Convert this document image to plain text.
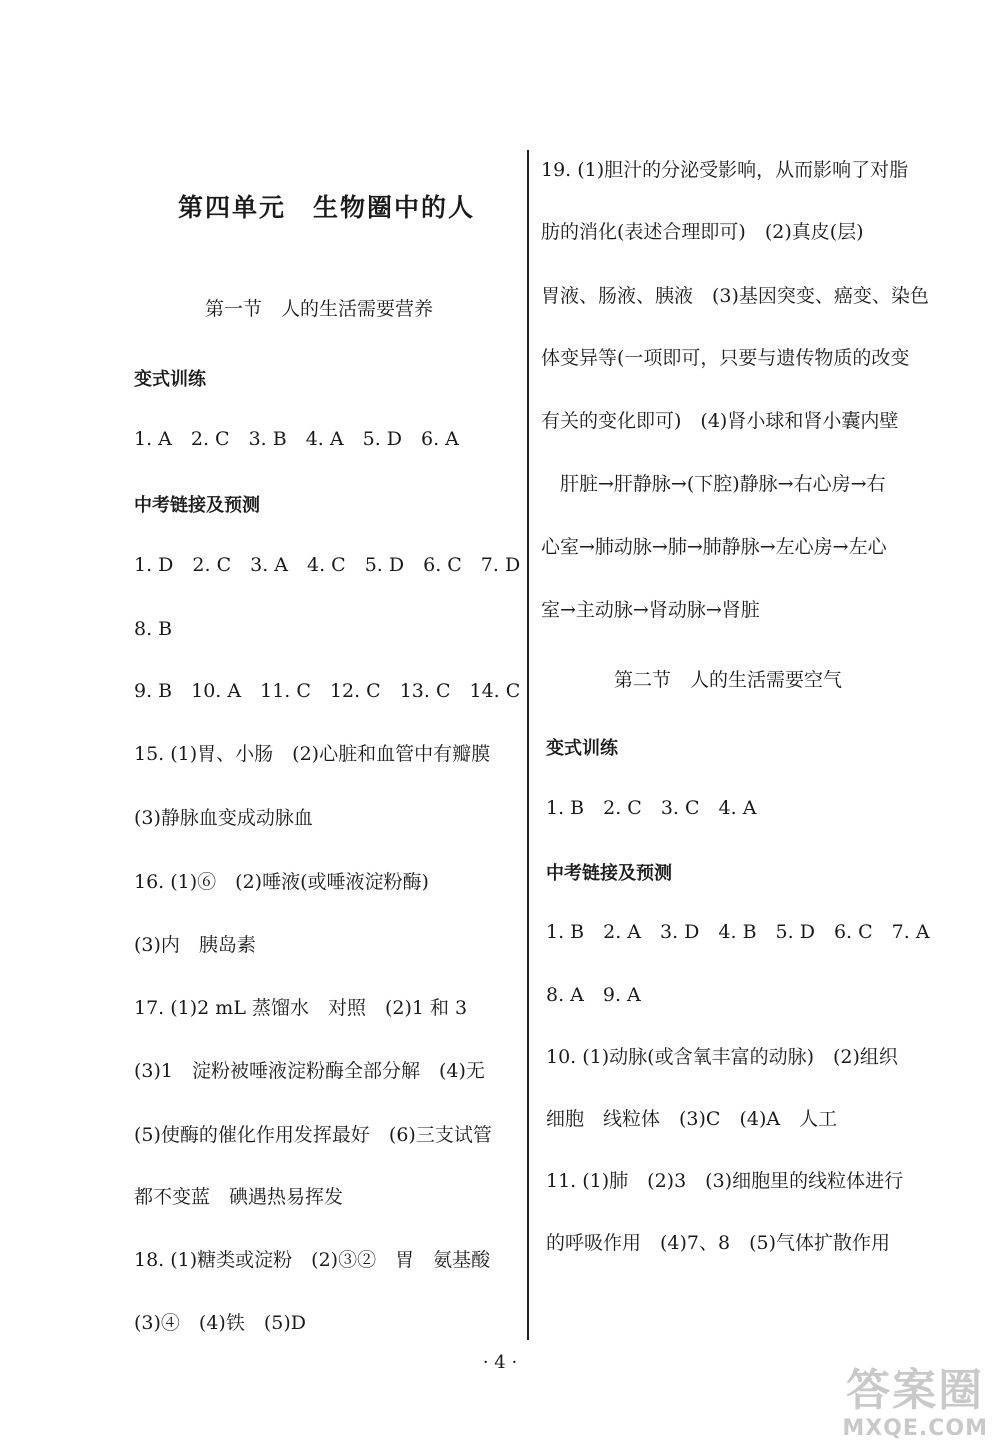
第四单元　生物圈中的人
第一节　人的生活需要营养
变式训练
1. A　2. C　3. B　4. A　5. D　6. A
中考链接及预测
1. D　2. C　3. A　4. C　5. D　6. C　7. D
8. B
9. B　10. A　11. C　12. C　13. C　14. C
15. (1)胃、小肠　(2)心脏和血管中有瓣膜
(3)静脉血变成动脉血
16. (1)⑥　(2)唾液(或唾液淀粉酶)
(3)内　胰岛素
17. (1)2 mL 蒸馏水　对照　(2)1 和 3
(3)1　淀粉被唾液淀粉酶全部分解　(4)无
(5)使酶的催化作用发挥最好　(6)三支试管
都不变蓝　碘遇热易挥发
18. (1)糖类或淀粉　(2)③②　胃　氨基酸
(3)④　(4)铁　(5)D
19. (1)胆汁的分泌受影响，从而影响了对脂
肪的消化(表述合理即可)　(2)真皮(层)
胃液、肠液、胰液　(3)基因突变、癌变、染色
体变异等(一项即可，只要与遗传物质的改变
有关的变化即可)　(4)肾小球和肾小囊内壁
肝脏→肝静脉→(下腔)静脉→右心房→右
心室→肺动脉→肺→肺静脉→左心房→左心
室→主动脉→肾动脉→肾脏
第二节　人的生活需要空气
变式训练
1. B　2. C　3. C　4. A
中考链接及预测
1. B　2. A　3. D　4. B　5. D　6. C　7. A
8. A　9. A
10. (1)动脉(或含氧丰富的动脉)　(2)组织
细胞　线粒体　(3)C　(4)A　人工
11. (1)肺　(2)3　(3)细胞里的线粒体进行
的呼吸作用　(4)7、8　(5)气体扩散作用
· 4 ·
答案圈
MXQE.COM
